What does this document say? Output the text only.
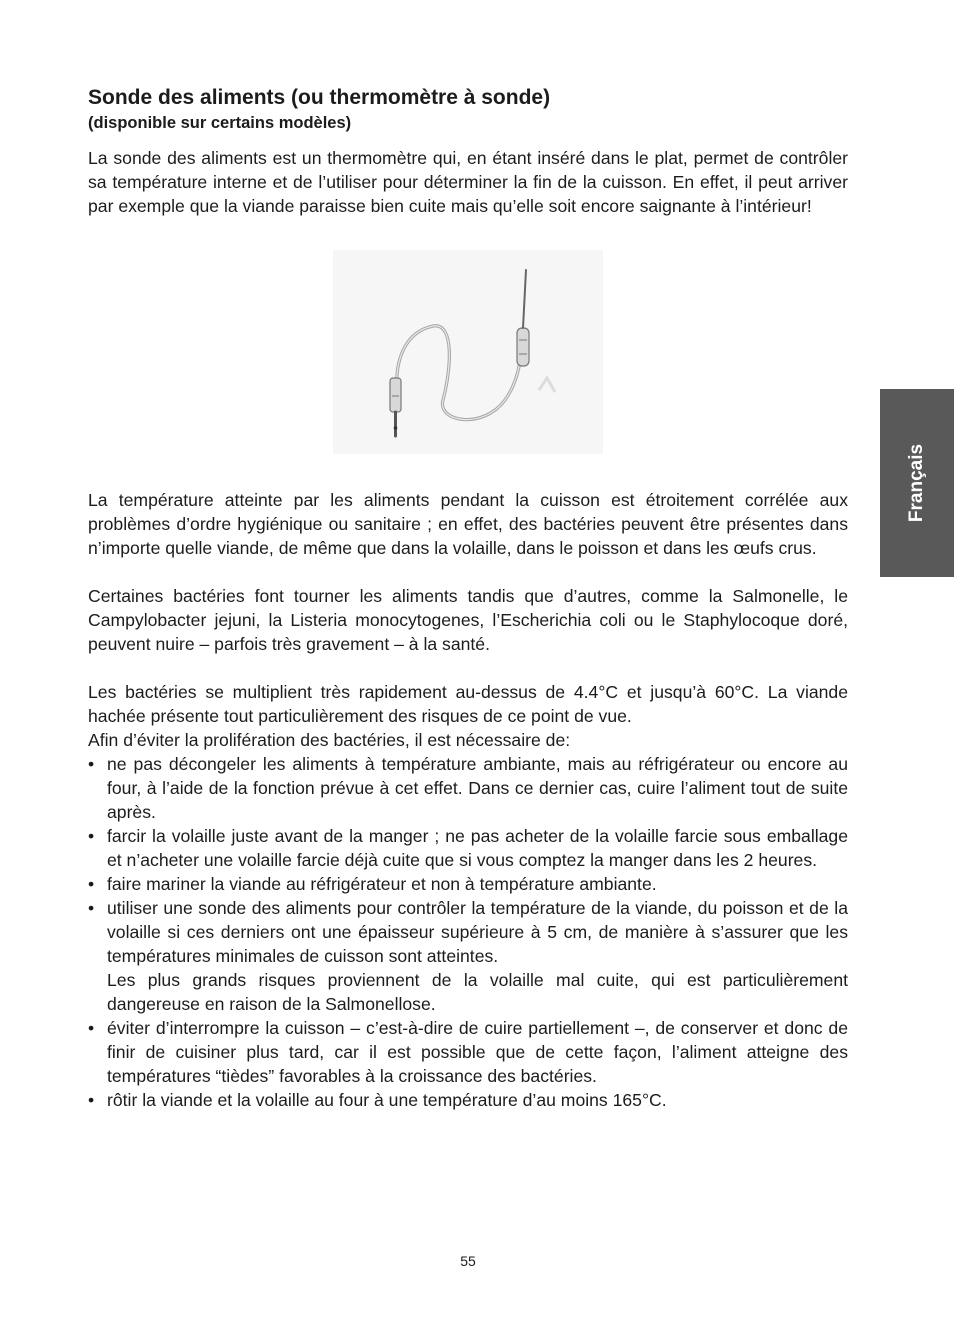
Sonde des aliments (ou thermomètre à sonde)
(disponible sur certains modèles)

La sonde des aliments est un thermomètre qui, en étant inséré dans le plat, permet de contrôler sa température interne et de l’utiliser pour déterminer la fin de la cuisson. En effet, il peut arriver par exemple que la viande paraisse bien cuite mais qu’elle soit encore saignante à l’intérieur!

La température atteinte par les aliments pendant la cuisson est étroitement corrélée aux problèmes d’ordre hygiénique ou sanitaire ; en effet, des bactéries peuvent être présentes dans n’importe quelle viande, de même que dans la volaille, dans le poisson et dans les œufs crus.

Certaines bactéries font tourner les aliments tandis que d’autres, comme la Salmonelle, le Campylobacter jejuni, la Listeria monocytogenes, l’Escherichia coli ou le Staphylocoque doré, peuvent nuire – parfois très gravement – à la santé.

Les bactéries se multiplient très rapidement au-dessus de 4.4°C et jusqu’à 60°C. La viande hachée présente tout particulièrement des risques de ce point de vue.

Afin d’éviter la prolifération des bactéries, il est nécessaire de:

• ne pas décongeler les aliments à température ambiante, mais au réfrigérateur ou encore au four, à l’aide de la fonction prévue à cet effet. Dans ce dernier cas, cuire l’aliment tout de suite après.

• farcir la volaille juste avant de la manger ; ne pas acheter de la volaille farcie sous emballage et n’acheter une volaille farcie déjà cuite que si vous comptez la manger dans les 2 heures.

• faire mariner la viande au réfrigérateur et non à température ambiante.

• utiliser une sonde des aliments pour contrôler la température de la viande, du poisson et de la volaille si ces derniers ont une épaisseur supérieure à 5 cm, de manière à s’assurer que les températures minimales de cuisson sont atteintes.

Les plus grands risques proviennent de la volaille mal cuite, qui est particulièrement dangereuse en raison de la Salmonellose.

• éviter d’interrompre la cuisson – c’est-à-dire de cuire partiellement –, de conserver et donc de finir de cuisiner plus tard, car il est possible que de cette façon, l’aliment atteigne des températures “tièdes” favorables à la croissance des bactéries.

• rôtir la viande et la volaille au four à une température d’au moins 165°C.

Français
55
